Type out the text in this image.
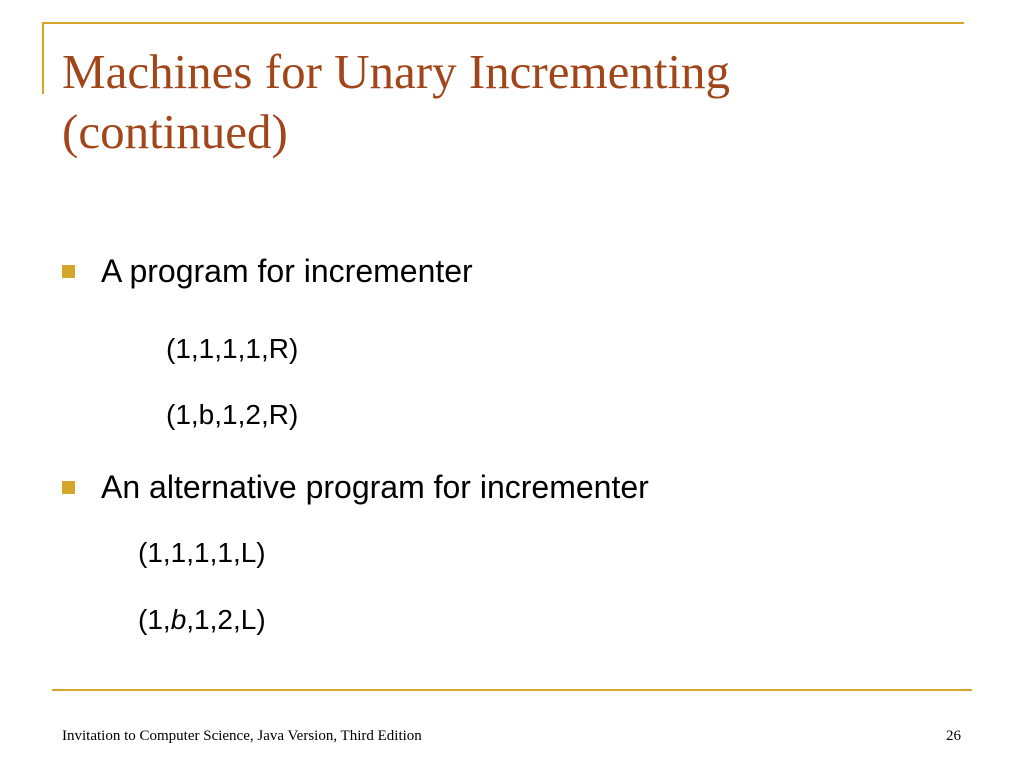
Machines for Unary Incrementing
(continued)
A program for incrementer
(1,1,1,1,R)
(1,b,1,2,R)
An alternative program for incrementer
(1,1,1,1,L)
(1,b,1,2,L)
Invitation to Computer Science, Java Version, Third Edition	26
